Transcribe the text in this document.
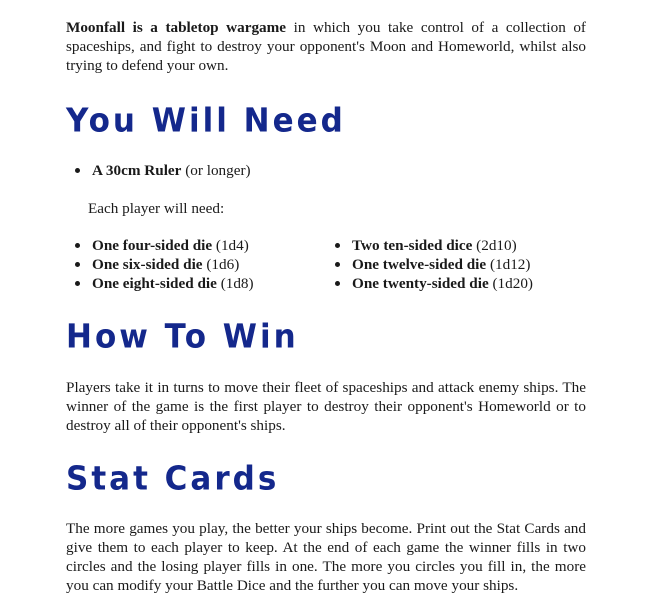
Moonfall is a tabletop wargame in which you take control of a collection of spaceships, and fight to destroy your opponent's Moon and Homeworld, whilst also trying to defend your own.

You Will Need
A 30cm Ruler (or longer)
Each player will need:
One four-sided die (1d4)
One six-sided die (1d6)
One eight-sided die (1d8)
Two ten-sided dice (2d10)
One twelve-sided die (1d12)
One twenty-sided die (1d20)
How To Win

Players take it in turns to move their fleet of spaceships and attack enemy ships. The winner of the game is the first player to destroy their opponent's Homeworld or to destroy all of their opponent's ships.

Stat Cards

The more games you play, the better your ships become. Print out the Stat Cards and give them to each player to keep. At the end of each game the winner fills in two circles and the losing player fills in one. The more you circles you fill in, the more you can modify your Battle Dice and the further you can move your ships.
